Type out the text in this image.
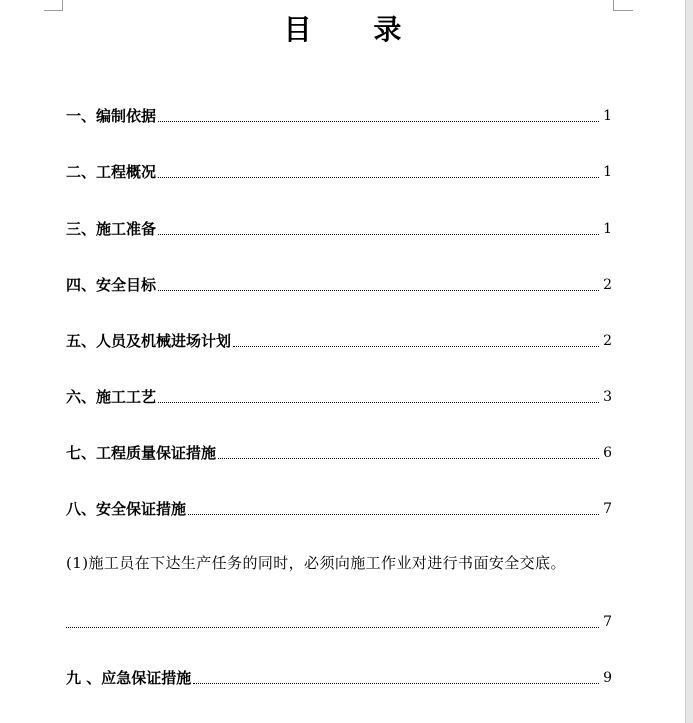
目 录
一、编制依据	1
二、工程概况	1
三、施工准备	1
四、安全目标	2
五、人员及机械进场计划	2
六、施工工艺	3
七、工程质量保证措施	6
八、安全保证措施	7
(1)施工员在下达生产任务的同时，必须向施工作业对进行书面安全交底。
7
九 、应急保证措施	9
